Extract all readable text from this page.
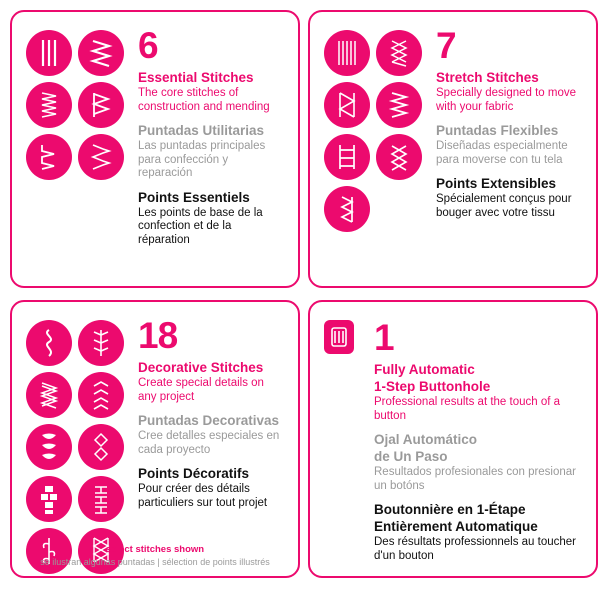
6
Essential Stitches
The core stitches of construction and mending
Puntadas Utilitarias
Las puntadas principales para confección y reparación
Points Essentiels
Les points de base de la confection et de la réparation
7
Stretch Stitches
Specially designed to move with your fabric
Puntadas Flexibles
Diseñadas especialmente para moverse con tu tela
Points Extensibles
Spécialement conçus pour bouger avec votre tissu
18
Decorative Stitches
Create special details on any project
Puntadas Decorativas
Cree detalles especiales en cada proyecto
Points Décoratifs
Pour créer des détails particuliers sur tout projet
select stitches shown
se ilustran algunas puntadas | sélection de points illustrés
1
Fully Automatic
1-Step Buttonhole
Professional results at the touch of a button
Ojal Automático
de Un Paso
Resultados profesionales con presionar un botóns
Boutonnière en 1-Étape
Entièrement Automatique
Des résultats professionnels au toucher d'un bouton
